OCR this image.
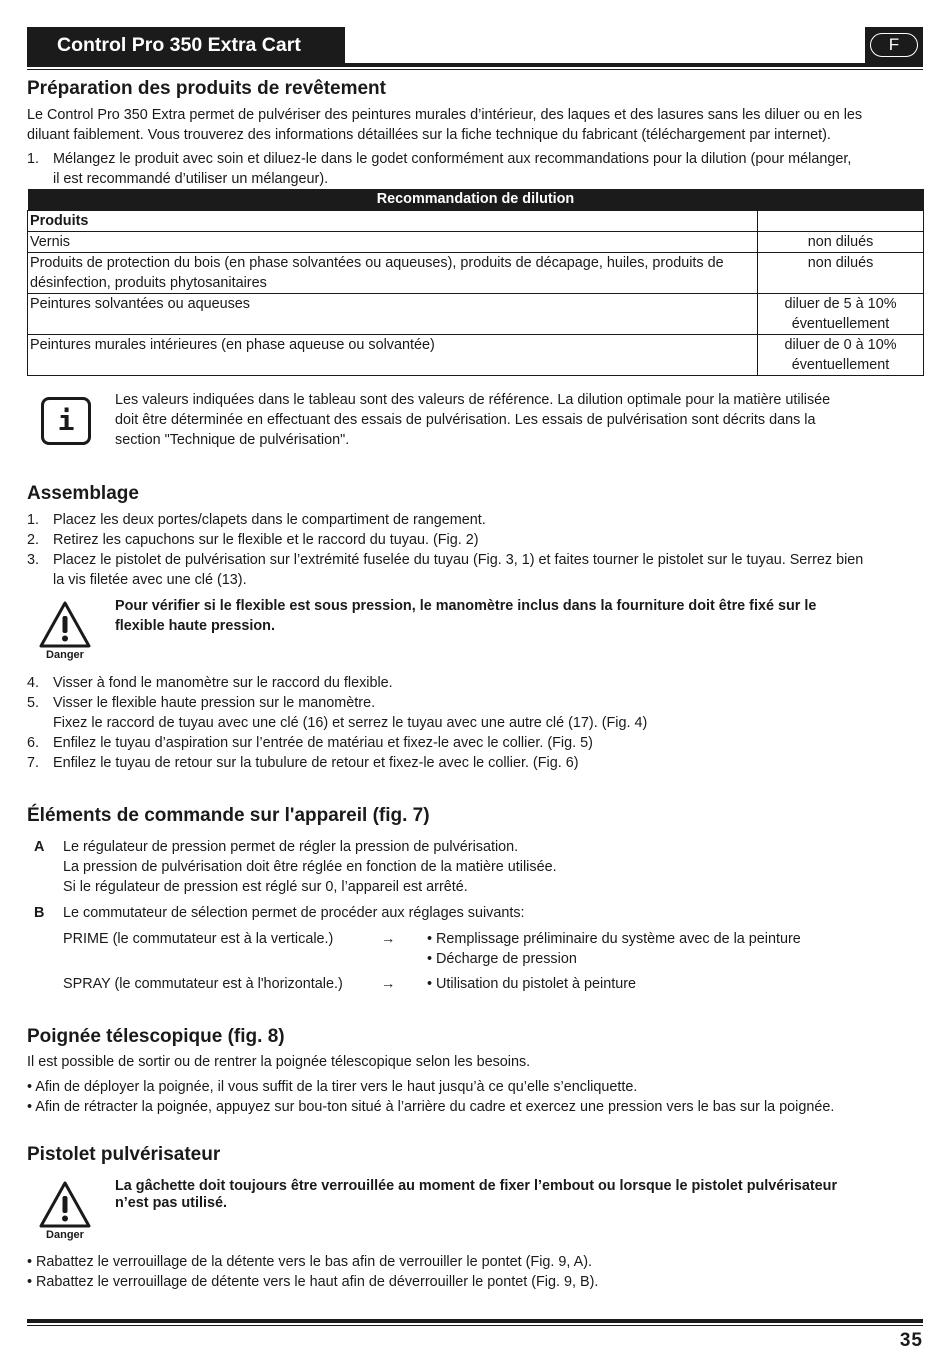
Control Pro 350 Extra Cart	F
Préparation des produits de revêtement
Le Control Pro 350 Extra permet de pulvériser des peintures murales d’intérieur, des laques et des lasures sans les diluer ou en les
diluant faiblement. Vous trouverez des informations détaillées sur la fiche technique du fabricant (téléchargement par internet).
1. Mélangez le produit avec soin et diluez-le dans le godet conformément aux recommandations pour la dilution (pour mélanger,
il est recommandé d’utiliser un mélangeur).
Recommandation de dilution	
Produits	
Vernis	non dilués
Produits de protection du bois (en phase solvantées ou aqueuses), produits de décapage, huiles, produits de désinfection, produits phytosanitaires	non dilués
Peintures solvantées ou aqueuses	diluer de 5 à 10% éventuellement
Peintures murales intérieures (en phase aqueuse ou solvantée)	diluer de 0 à 10% éventuellement
i
Les valeurs indiquées dans le tableau sont des valeurs de référence. La dilution optimale pour la matière utilisée
doit être déterminée en effectuant des essais de pulvérisation. Les essais de pulvérisation sont décrits dans la
section "Technique de pulvérisation".
Assemblage
1. Placez les deux portes/clapets dans le compartiment de rangement.
2. Retirez les capuchons sur le flexible et le raccord du tuyau. (Fig. 2)
3. Placez le pistolet de pulvérisation sur l’extrémité fuselée du tuyau (Fig. 3, 1) et faites tourner le pistolet sur le tuyau. Serrez bien
la vis filetée avec une clé (13).
Danger
Pour vérifier si le flexible est sous pression, le manomètre inclus dans la fourniture doit être fixé sur le
flexible haute pression.
4. Visser à fond le manomètre sur le raccord du flexible.
5. Visser le flexible haute pression sur le manomètre.
Fixez le raccord de tuyau avec une clé (16) et serrez le tuyau avec une autre clé (17). (Fig. 4)
6. Enfilez le tuyau d’aspiration sur l’entrée de matériau et fixez-le avec le collier. (Fig. 5)
7. Enfilez le tuyau de retour sur la tubulure de retour et fixez-le avec le collier. (Fig. 6)
Éléments de commande sur l'appareil (fig. 7)
A Le régulateur de pression permet de régler la pression de pulvérisation.
La pression de pulvérisation doit être réglée en fonction de la matière utilisée.
Si le régulateur de pression est réglé sur 0, l’appareil est arrêté.
B Le commutateur de sélection permet de procéder aux réglages suivants:
PRIME (le commutateur est à la verticale.)	→ • Remplissage préliminaire du système avec de la peinture
• Décharge de pression
SPRAY (le commutateur est à l'horizontale.)	→ • Utilisation du pistolet à peinture
Poignée télescopique (fig. 8)
Il est possible de sortir ou de rentrer la poignée télescopique selon les besoins.
• Afin de déployer la poignée, il vous suffit de la tirer vers le haut jusqu’à ce qu’elle s’encliquette.
• Afin de rétracter la poignée, appuyez sur bou-ton situé à l’arrière du cadre et exercez une pression vers le bas sur la poignée.
Pistolet pulvérisateur
Danger
La gâchette doit toujours être verrouillée au moment de fixer l’embout ou lorsque le pistolet pulvérisateur
n’est pas utilisé.
• Rabattez le verrouillage de la détente vers le bas afin de verrouiller le pontet (Fig. 9, A).
• Rabattez le verrouillage de détente vers le haut afin de déverrouiller le pontet (Fig. 9, B).
35
